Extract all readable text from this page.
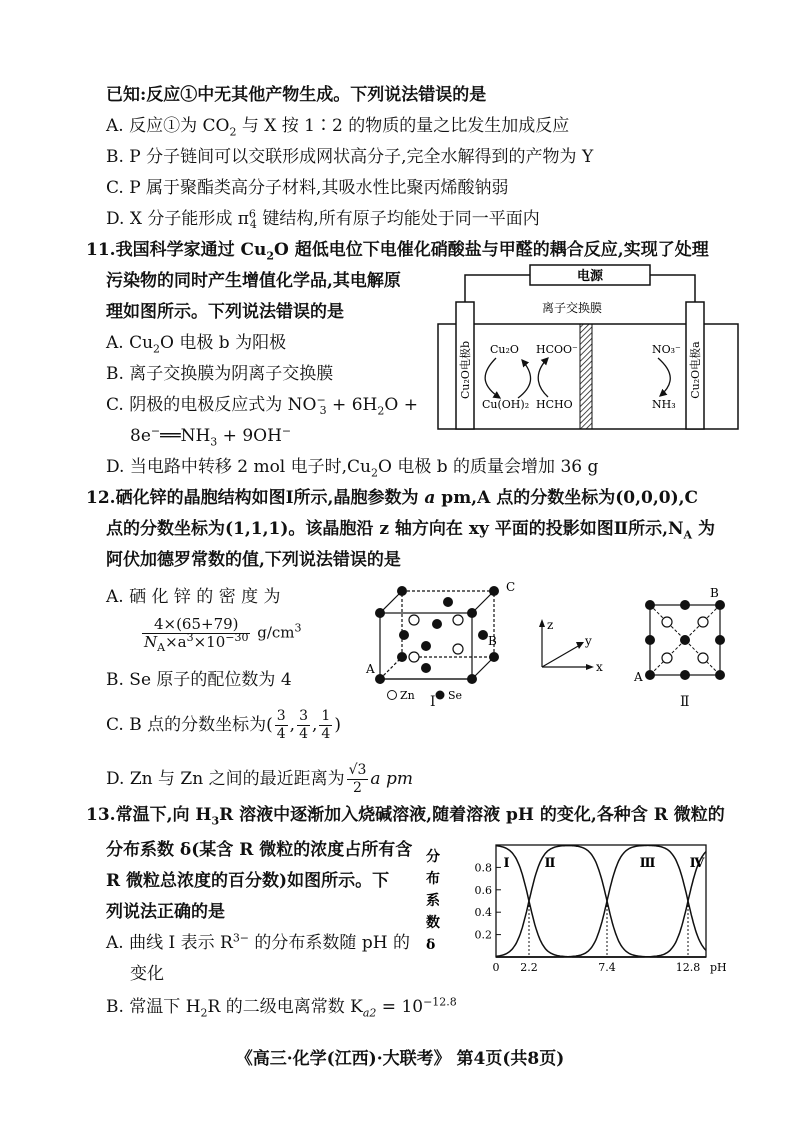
已知:反应①中无其他产物生成。下列说法错误的是
A. 反应①为 $CO_2$ 与 X 按 1∶2 的物质的量之比发生加成反应
B. P 分子链间可以交联形成网状高分子,完全水解得到的产物为 Y
C. P 属于聚酯类高分子材料,其吸水性比聚丙烯酸钠弱
D. X 分子能形成 $\pi^6_4$ 键结构,所有原子均能处于同一平面内
11.我国科学家通过 $Cu_2O$ 超低电位下电催化硝酸盐与甲醛的耦合反应,实现了处理
污染物的同时产生增值化学品,其电解原
理如图所示。下列说法错误的是
A. $Cu_2O$ 电极 b 为阳极
B. 离子交换膜为阴离子交换膜
C. 阴极的电极反应式为 $NO^-_3 + 6H_2O$ +
$8e^-══NH_3 + 9OH^-$
D. 当电路中转移 2 mol 电子时$,Cu_2O$ 电极 b 的质量会增加 36 g
电源
离子交换膜
Cu₂O电极b	Cu₂O电极a
Cu₂O HCOO⁻
Cu(OH)₂ HCHO
NO₃⁻
NH₃
12.硒化锌的晶胞结构如图Ⅰ所示,晶胞参数为 a pm,A 点的分数坐标为(0,0,0),C
点的分数坐标为(1,1,1)。该晶胞沿 z 轴方向在 xy 平面的投影如图Ⅱ所示$,N_A$ 为
阿伏加德罗常数的值,下列说法错误的是
A. 硒 化 锌 的 密 度 为
$\frac{4\times(65+79)}{N_A\times a^3\times 10^{-30}} g/cm^3$
B. Se 原子的配位数为 4
C. B 点的分数坐标为( $\frac{3}{4}$ , $\frac{3}{4}$ , $\frac{1}{4}$ )
D. Zn 与 Zn 之间的最近距离为 $\frac{√3}{2}$ a pm
C
B
A
Zn	Se
Ⅰ
z
y
x
B
A
Ⅱ
13.常温下,向 $H_3R$ 溶液中逐渐加入烧碱溶液,随着溶液 pH 的变化,各种含 R 微粒的
分布系数 δ(某含 R 微粒的浓度占所有含
R 微粒总浓度的百分数)如图所示。下
列说法正确的是
A. 曲线 Ⅰ 表示 $R^{3-}$ 的分布系数随 pH 的
变化
B. 常温下 $H_2R$ 的二级电离常数 $K_{a2} = 10^{-12.8}$
分
布
系
数
δ
0.2
0.4
0.6
0.8
0 2.2	7.4	12.8 pH
Ⅰ	Ⅱ	Ⅲ	Ⅳ
《高三·化学(江西)·大联考》 第4页(共8页)
